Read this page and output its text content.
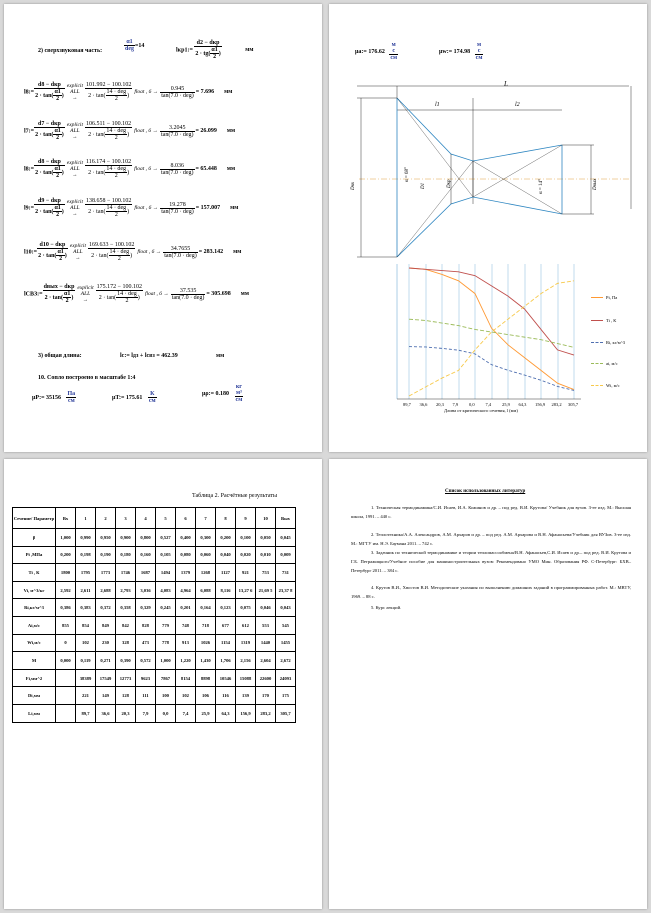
2) сверхзвуковая часть:	$\frac{\alpha 1}{\text{deg}} =14$
lкр1:= $\frac{\text{d2 − dкр}}{2 \cdot tg( \frac{\alpha 1}{2} )}$	мм
l8:= $\frac{\text{d8 − dкр}}{2 \cdot \tan( \frac{\alpha 1}{2} )}$ explicit
ALL
→ $\frac{101.992 - 100.102}{2 \cdot \tan( \frac{\text{14 · deg}}{2} )}$ float , $6 \to \frac{0.945}{\text{tan(7.0 · deg)}} = 7.696$ мм
l7:= $\frac{\text{d7 − dкр}}{2 \cdot \tan( \frac{\alpha 1}{2} )}$ explicit
ALL
→ $\frac{106.511 - 100.102}{2 \cdot \tan( \frac{\text{14 · deg}}{2} )}$ float , $6 \to \frac{3.2045}{\text{tan(7.0 · deg)}} = 26.099$ мм
l8:= $\frac{\text{d8 − dкр}}{2 \cdot \tan( \frac{\alpha 1}{2} )}$ explicit
ALL
→ $\frac{116.174 - 100.102}{2 \cdot \tan( \frac{\text{14 · deg}}{2} )}$ float , $6 \to \frac{8.036}{\text{tan(7.0 · deg)}} = 65.448$ мм
l9:= $\frac{\text{d9 − dкр}}{2 \cdot \tan( \frac{\alpha 1}{2} )}$ explicit
ALL
→ $\frac{138.658 - 100.102}{2 \cdot \tan( \frac{\text{14 · deg}}{2} )}$ float , $6 \to \frac{19.278}{\text{tan(7.0 · deg)}} = 157.007$ мм
l10:= $\frac{\text{d10 − dкр}}{2 \cdot \tan( \frac{\alpha 1}{2} )}$ explicit
ALL
→ $\frac{169.633 - 100.102}{2 \cdot \tan( \frac{\text{14 · deg}}{2} )}$ float , $6 \to \frac{34.7655}{\text{tan(7.0 · deg)}} = 283.142$ мм
lСВЗ:= $\frac{\text{dвых − dкр}}{2 \cdot \tan( \frac{\alpha 1}{2} )}$ explicit
ALL
→ $\frac{175.172 - 100.102}{2 \cdot \tan( \frac{\text{14 · deg}}{2} )}$ float , $6 \to \frac{37.535}{\text{tan(7.0 · deg)}} = 305.698$ мм
3) общая длина:	lс:= lдз + lсвз = 462.39	мм
10. Сопло построено в масштабе 1:4
μP:= $35156 \frac{Па}{см}$	μT:= $175.61 \frac{К}{см}$	μρ:= 0.180
кг
м³
см
μa:= 176.62
м
с
см
μw:= 174.98
м
с
см
L
l1	l2
α = 68°
α = 14°
Dвх	Dкр	Dвых
D1
89,7 36,6 20,3 7,9 0,0 7,4 25,9 64,3 156,9 283,2 305,7
Длина от критического сечения, l (мм)
Pi, Па
Ti , К
Ri, кг/м^3
ai, м/с
Wi, м/с
Таблица 2. Расчётные результаты
Сечение/ Параметр	Вх	1	2	3	4	5	6	7	8	9	10	Вых
β	1,000	0,990	0,950	0,900	0,800	0,527	0,400	0,300	0,200	0,100	0,050	0,045
Pi ,МПа	0,200	0,198	0,190	0,180	0,160	0,105	0,080	0,060	0,040	0,020	0,010	0,009
Ti , К	1800	1795	1773	1746	1687	1494	1379	1268	1127	921	753	731
Vi, м^3/кг	2,592	2,611	2,688	2,793	3,036	4,083	4,964	6,088	8,116	13,27 6	21,69 5	23,37 8
Ri,кг/м^3	0,386	0,383	0,372	0,358	0,329	0,245	0,201	0,164	0,123	0,075	0,046	0,043
Ai,м/с	855	854	849	842	828	779	748	718	677	612	553	545
Wi,м/с	0	102	230	328	473	778	913	1026	1154	1319	1440	1455
M	0,000	0,119	0,271	0,390	0,572	1,000	1,220	1,430	1,706	2,156	2,604	2,672
Fi,мм^2		38389	17549	12773	9623	7867	8154	8898	10546	15088	22600	24093
Di,мм		221	149	128	111	100	102	106	116	139	170	175
Li,мм		89,7	36,6	20,3	7,9	0,0	7,4	25,9	64,3	156,9	283,2	305,7
Список использованных литератур
1. Техническая термодинамика/С.И. Исаев, И.А. Кожинов и др. – под ред. В.И. Крутова/ Учебник для вузов. 3-ее изд. М.: Высшая школа, 1991. – 440 с.
2. Теплотехника/А.А. Александров, А.М. Архаров и др. – под ред. А.М. Архарова и В.Н. Афанасьева/Учебник для ВУЗов. 3-ее изд. М.: МГТУ им. Н.Э. Баумана 2011. – 742 с.
3. Задачник по технической термодинамике и теории тепломассообмена/В.Н. Афанасьев,С.И. Исаев и др.– под ред. В.И. Крутова и Г.Б. Петражицкого/Учебное пособие для машиностроительных вузов: Рекомендовано УМО Мин. Образования РФ. С-Петербург: БХВ–Петербург 2011. – 384 с.
4. Крутов В.И., Хвостов В.И. Методические указания по выполнению домашних заданий в программированных работ. М.: МВТУ, 1969. – 88 с.
5. Курс лекций.
